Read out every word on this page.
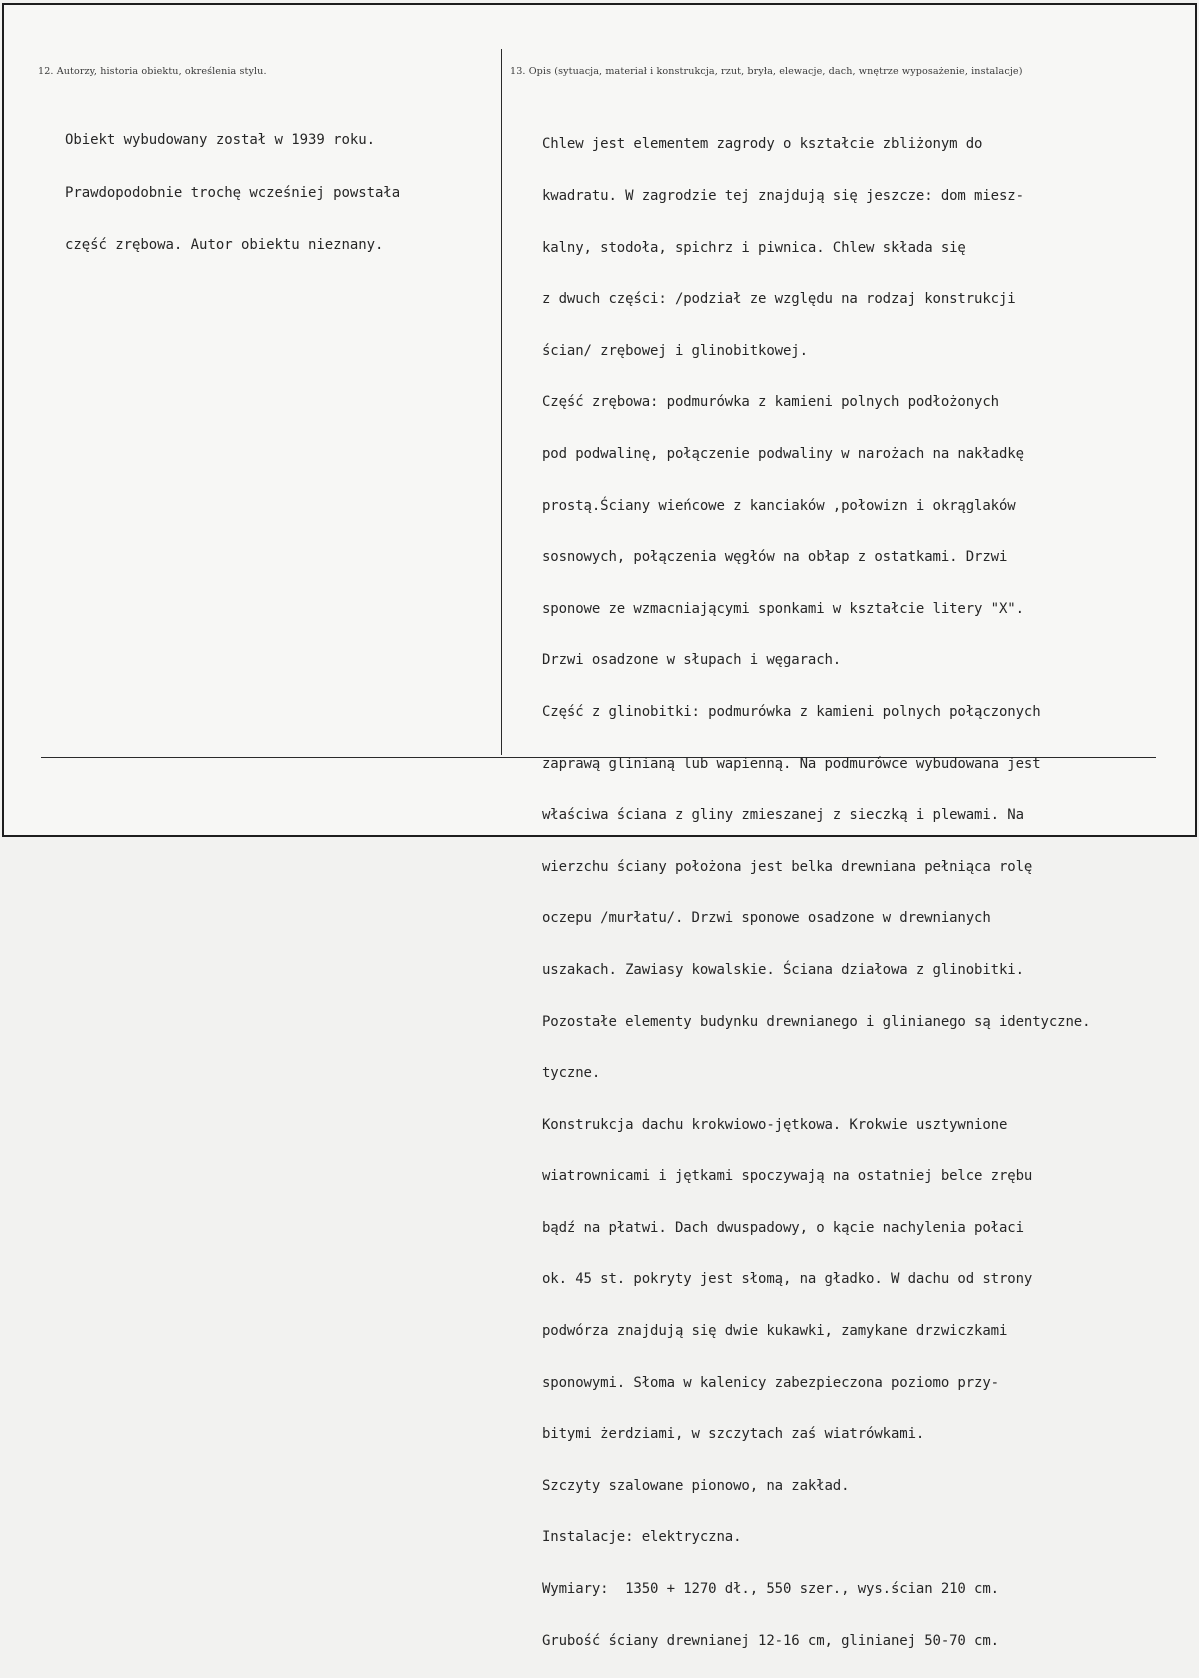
12. Autorzy, historia obiektu, określenia stylu.	13. Opis (sytuacja, materiał i konstrukcja, rzut, bryła, elewacje, dach, wnętrze wyposażenie, instalacje)

Obiekt wybudowany został w 1939 roku.

Prawdopodobnie trochę wcześniej powstała

część zrębowa. Autor obiektu nieznany.

Chlew jest elementem zagrody o kształcie zbliżonym do

kwadratu. W zagrodzie tej znajdują się jeszcze: dom miesz-

kalny, stodoła, spichrz i piwnica. Chlew składa się

z dwuch części: /podział ze względu na rodzaj konstrukcji

ścian/ zrębowej i glinobitkowej.

Część zrębowa: podmurówka z kamieni polnych podłożonych

pod podwalinę, połączenie podwaliny w narożach na nakładkę

prostą.Ściany wieńcowe z kanciaków ,połowizn i okrąglaków

sosnowych, połączenia węgłów na obłap z ostatkami. Drzwi

sponowe ze wzmacniającymi sponkami w kształcie litery "X".

Drzwi osadzone w słupach i węgarach.

Część z glinobitki: podmurówka z kamieni polnych połączonych

zaprawą glinianą lub wapienną. Na podmurówce wybudowana jest

właściwa ściana z gliny zmieszanej z sieczką i plewami. Na

wierzchu ściany położona jest belka drewniana pełniąca rolę

oczepu /murłatu/. Drzwi sponowe osadzone w drewnianych

uszakach. Zawiasy kowalskie. Ściana działowa z glinobitki.

Pozostałe elementy budynku drewnianego i glinianego są identyczne.

tyczne.

Konstrukcja dachu krokwiowo-jętkowa. Krokwie usztywnione

wiatrownicami i jętkami spoczywają na ostatniej belce zrębu

bądź na płatwi. Dach dwuspadowy, o kącie nachylenia połaci

ok. 45 st. pokryty jest słomą, na gładko. W dachu od strony

podwórza znajdują się dwie kukawki, zamykane drzwiczkami

sponowymi. Słoma w kalenicy zabezpieczona poziomo przy-

bitymi żerdziami, w szczytach zaś wiatrówkami.

Szczyty szalowane pionowo, na zakład.

Instalacje: elektryczna.

Wymiary:  1350 + 1270 dł., 550 szer., wys.ścian 210 cm.

Grubość ściany drewnianej 12-16 cm, glinianej 50-70 cm.
